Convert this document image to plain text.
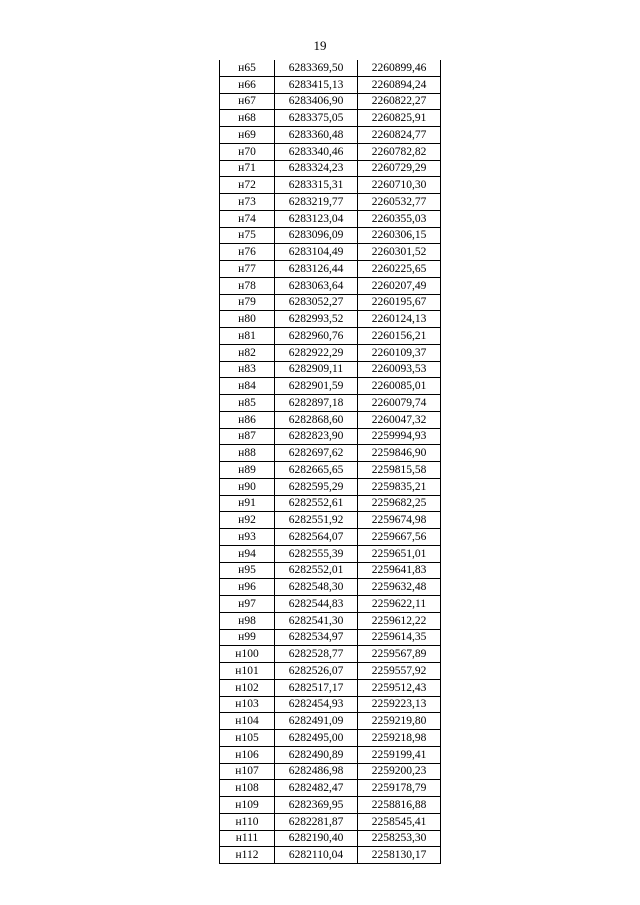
19
н65	6283369,50	2260899,46
н66	6283415,13	2260894,24
н67	6283406,90	2260822,27
н68	6283375,05	2260825,91
н69	6283360,48	2260824,77
н70	6283340,46	2260782,82
н71	6283324,23	2260729,29
н72	6283315,31	2260710,30
н73	6283219,77	2260532,77
н74	6283123,04	2260355,03
н75	6283096,09	2260306,15
н76	6283104,49	2260301,52
н77	6283126,44	2260225,65
н78	6283063,64	2260207,49
н79	6283052,27	2260195,67
н80	6282993,52	2260124,13
н81	6282960,76	2260156,21
н82	6282922,29	2260109,37
н83	6282909,11	2260093,53
н84	6282901,59	2260085,01
н85	6282897,18	2260079,74
н86	6282868,60	2260047,32
н87	6282823,90	2259994,93
н88	6282697,62	2259846,90
н89	6282665,65	2259815,58
н90	6282595,29	2259835,21
н91	6282552,61	2259682,25
н92	6282551,92	2259674,98
н93	6282564,07	2259667,56
н94	6282555,39	2259651,01
н95	6282552,01	2259641,83
н96	6282548,30	2259632,48
н97	6282544,83	2259622,11
н98	6282541,30	2259612,22
н99	6282534,97	2259614,35
н100	6282528,77	2259567,89
н101	6282526,07	2259557,92
н102	6282517,17	2259512,43
н103	6282454,93	2259223,13
н104	6282491,09	2259219,80
н105	6282495,00	2259218,98
н106	6282490,89	2259199,41
н107	6282486,98	2259200,23
н108	6282482,47	2259178,79
н109	6282369,95	2258816,88
н110	6282281,87	2258545,41
н111	6282190,40	2258253,30
н112	6282110,04	2258130,17
